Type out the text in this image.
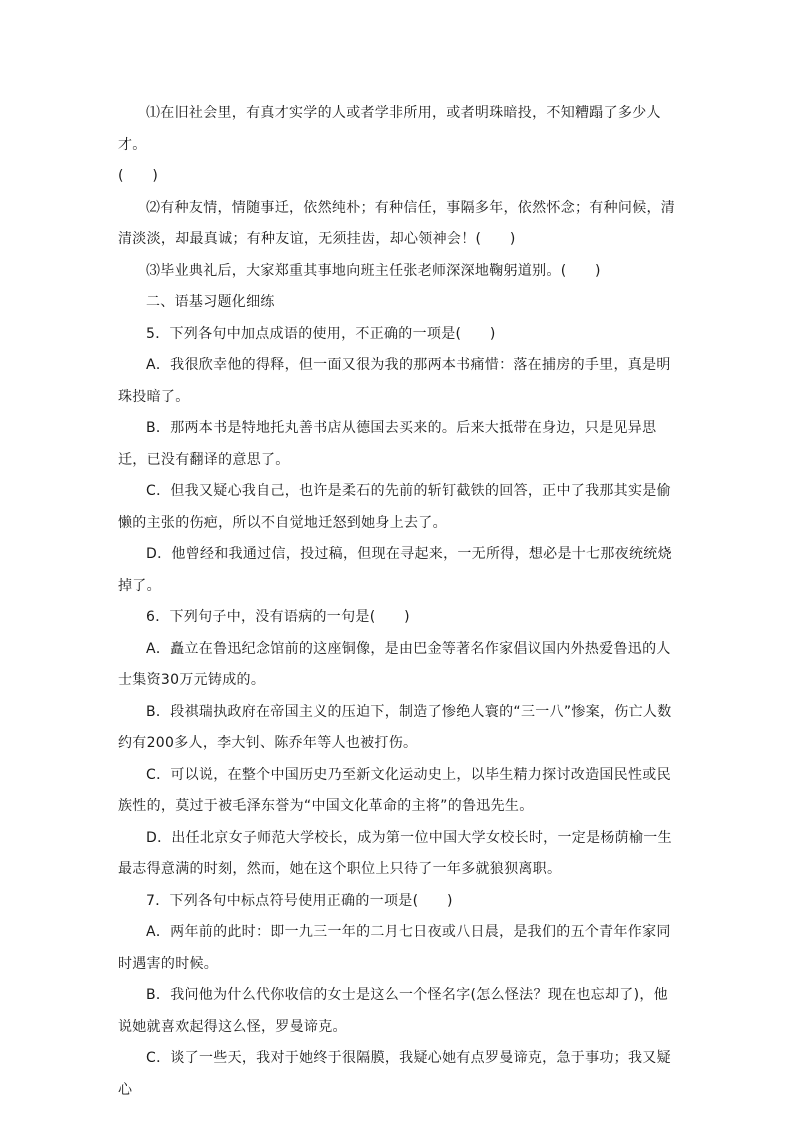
⑴在旧社会里，有真才实学的人或者学非所用，或者明珠暗投，不知糟蹋了多少人才。

(　　)

⑵有种友情，情随事迁，依然纯朴；有种信任，事隔多年，依然怀念；有种问候，清清淡淡，却最真诚；有种友谊，无须挂齿，却心领神会！(　　)

⑶毕业典礼后，大家郑重其事地向班主任张老师深深地鞠躬道别。(　　)

二、语基习题化细练

5．下列各句中加点成语的使用，不正确的一项是(　　)

A．我很欣幸他的得释，但一面又很为我的那两本书痛惜：落在捕房的手里，真是明珠投暗了。

B．那两本书是特地托丸善书店从德国去买来的。后来大抵带在身边，只是见异思迁，已没有翻译的意思了。

C．但我又疑心我自己，也许是柔石的先前的斩钉截铁的回答，正中了我那其实是偷懒的主张的伤疤，所以不自觉地迁怒到她身上去了。

D．他曾经和我通过信，投过稿，但现在寻起来，一无所得，想必是十七那夜统统烧掉了。

6．下列句子中，没有语病的一句是(　　)

A．矗立在鲁迅纪念馆前的这座铜像，是由巴金等著名作家倡议国内外热爱鲁迅的人士集资30万元铸成的。

B．段祺瑞执政府在帝国主义的压迫下，制造了惨绝人寰的“三一八”惨案，伤亡人数约有200多人，李大钊、陈乔年等人也被打伤。

C．可以说，在整个中国历史乃至新文化运动史上，以毕生精力探讨改造国民性或民族性的，莫过于被毛泽东誉为“中国文化革命的主将”的鲁迅先生。

D．出任北京女子师范大学校长，成为第一位中国大学女校长时，一定是杨荫榆一生最志得意满的时刻，然而，她在这个职位上只待了一年多就狼狈离职。

7．下列各句中标点符号使用正确的一项是(　　)

A．两年前的此时：即一九三一年的二月七日夜或八日晨，是我们的五个青年作家同时遇害的时候。

B．我问他为什么代你收信的女士是这么一个怪名字(怎么怪法？现在也忘却了)，他说她就喜欢起得这么怪，罗曼谛克。

C．谈了一些天，我对于她终于很隔膜，我疑心她有点罗曼谛克，急于事功；我又疑心
